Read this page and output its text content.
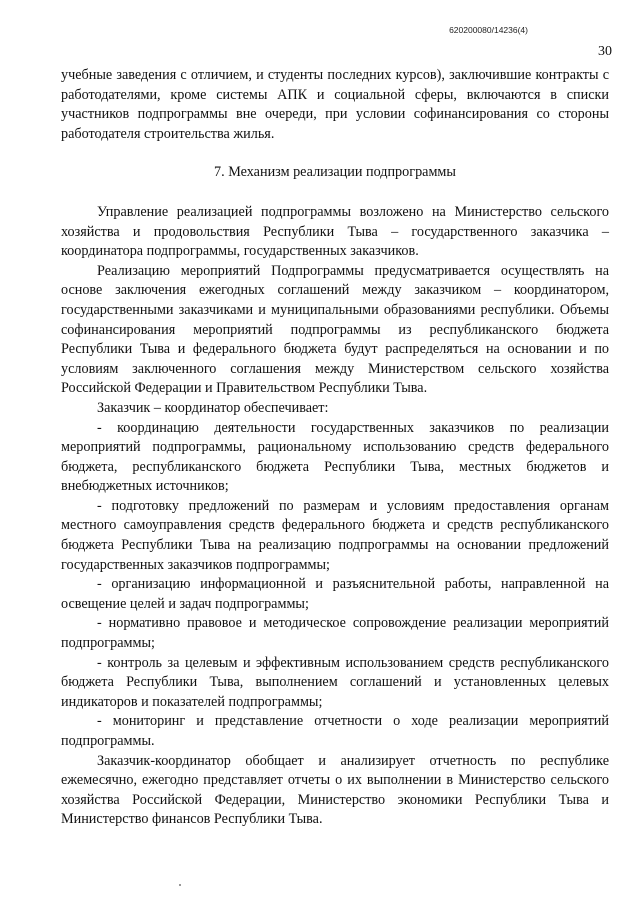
620200080/14236(4)
30

учебные заведения с отличием, и студенты последних курсов), заключившие контракты с работодателями, кроме системы АПК и социальной сферы, включаются в списки участников подпрограммы вне очереди, при условии софинансирования со стороны работодателя строительства жилья.

7. Механизм реализации подпрограммы

Управление реализацией подпрограммы возложено на Министерство сельского хозяйства и продовольствия Республики Тыва – государственного заказчика – координатора подпрограммы, государственных заказчиков.

Реализацию мероприятий Подпрограммы предусматривается осуществлять на основе заключения ежегодных соглашений между заказчиком – координатором, государственными заказчиками и муниципальными образованиями республики. Объемы софинансирования мероприятий подпрограммы из республиканского бюджета Республики Тыва и федерального бюджета будут распределяться на основании и по условиям заключенного соглашения между Министерством сельского хозяйства Российской Федерации и Правительством Республики Тыва.

Заказчик – координатор обеспечивает:

- координацию деятельности государственных заказчиков по реализации мероприятий подпрограммы, рациональному использованию средств федерального бюджета, республиканского бюджета Республики Тыва, местных бюджетов и внебюджетных источников;

- подготовку предложений по размерам и условиям предоставления органам местного самоуправления средств федерального бюджета и средств республиканского бюджета Республики Тыва на реализацию подпрограммы на основании предложений государственных заказчиков подпрограммы;

- организацию информационной и разъяснительной работы, направленной на освещение целей и задач подпрограммы;

- нормативно правовое и методическое сопровождение реализации мероприятий подпрограммы;

- контроль за целевым и эффективным использованием средств республиканского бюджета Республики Тыва, выполнением соглашений и установленных целевых индикаторов и показателей подпрограммы;

- мониторинг и представление отчетности о ходе реализации мероприятий подпрограммы.

Заказчик-координатор обобщает и анализирует отчетность по республике ежемесячно, ежегодно представляет отчеты о их выполнении в Министерство сельского хозяйства Российской Федерации, Министерство экономики Республики Тыва и Министерство финансов Республики Тыва.
